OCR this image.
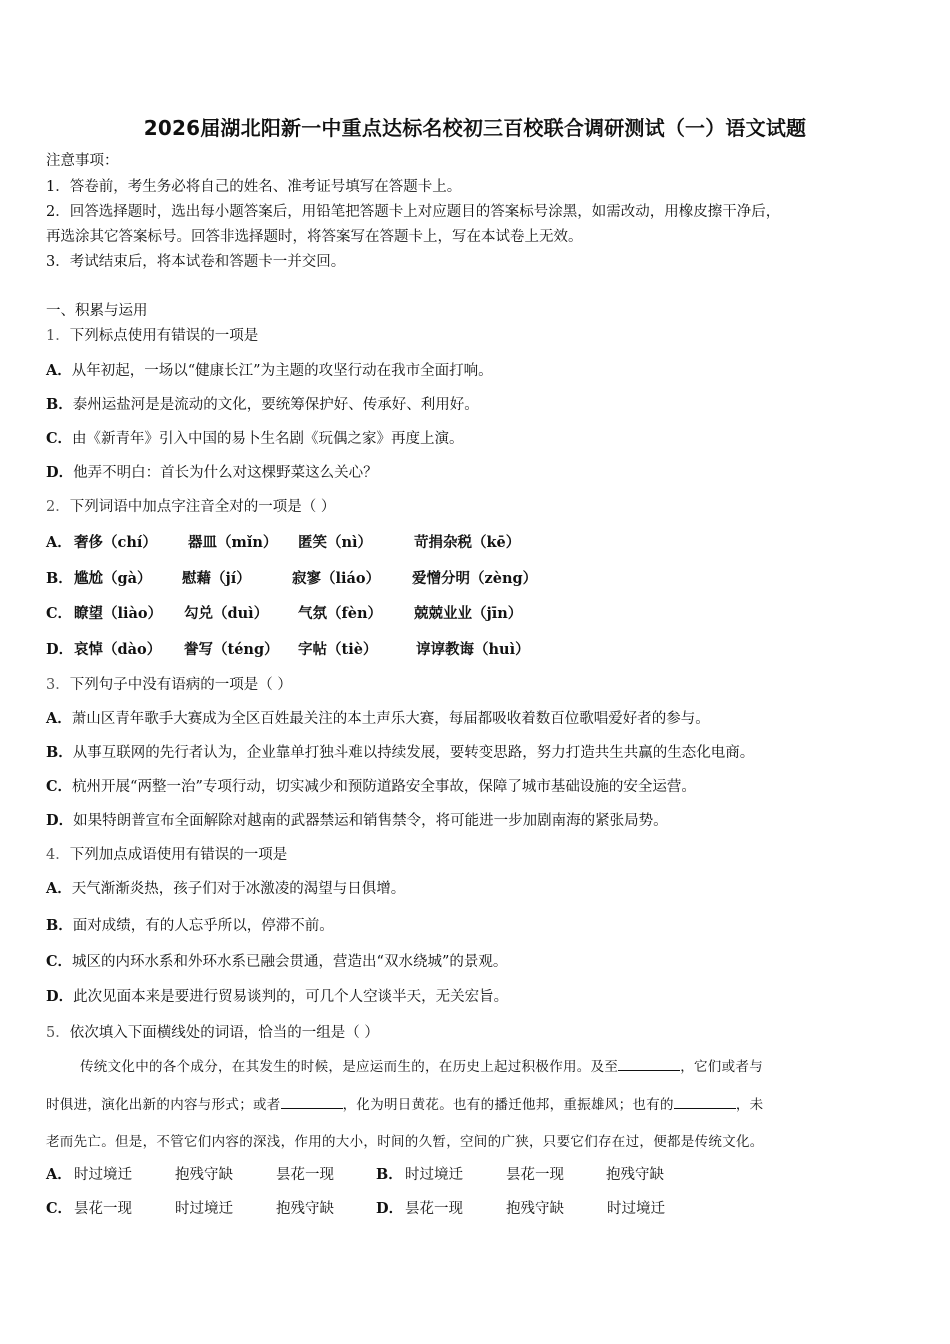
2026届湖北阳新一中重点达标名校初三百校联合调研测试（一）语文试题
注意事项：
1．答卷前，考生务必将自己的姓名、准考证号填写在答题卡上。
2．回答选择题时，选出每小题答案后，用铅笔把答题卡上对应题目的答案标号涂黑，如需改动，用橡皮擦干净后，
再选涂其它答案标号。回答非选择题时，将答案写在答题卡上，写在本试卷上无效。
3．考试结束后，将本试卷和答题卡一并交回。
一、积累与运用
1．下列标点使用有错误的一项是
A．从年初起，一场以“健康长江”为主题的攻坚行动在我市全面打响。
B．泰州运盐河是是流动的文化，要统筹保护好、传承好、利用好。
C．由《新青年》引入中国的易卜生名剧《玩偶之家》再度上演。
D．他弄不明白：首长为什么对这棵野菜这么关心？
2．下列词语中加点字注音全对的一项是（ ）
A． 奢侈（chí） 器皿（mǐn） 匿笑（nì）	苛捐杂税（kē）
B． 尴尬（gà） 慰藉（jí）	寂寥（liáo） 爱憎分明（zèng）
C． 瞭望（liào） 勾兑（duì） 气氛（fèn） 兢兢业业（jīn）
D． 哀悼（dào） 誊写（téng） 字帖（tiè）	谆谆教诲（huì）
3．下列句子中没有语病的一项是（ ）
A．萧山区青年歌手大赛成为全区百姓最关注的本土声乐大赛，每届都吸收着数百位歌唱爱好者的参与。
B．从事互联网的先行者认为，企业靠单打独斗难以持续发展，要转变思路，努力打造共生共赢的生态化电商。
C．杭州开展“两整一治”专项行动，切实减少和预防道路安全事故，保障了城市基础设施的安全运营。
D．如果特朗普宣布全面解除对越南的武器禁运和销售禁令，将可能进一步加剧南海的紧张局势。
4．下列加点成语使用有错误的一项是
A．天气渐渐炎热，孩子们对于冰激凌的渴望与日俱增。
B．面对成绩，有的人忘乎所以，停滞不前。
C．城区的内环水系和外环水系已融会贯通，营造出“双水绕城”的景观。
D．此次见面本来是要进行贸易谈判的，可几个人空谈半天，无关宏旨。
5．依次填入下面横线处的词语，恰当的一组是（ ）
传统文化中的各个成分，在其发生的时候，是应运而生的，在历史上起过积极作用。及至	，它们或者与
时俱进，演化出新的内容与形式；或者	，化为明日黄花。也有的播迁他邦，重振雄风；也有的	，未
老而先亡。但是，不管它们内容的深浅，作用的大小，时间的久暂，空间的广狭，只要它们存在过，便都是传统文化。
A． 时过境迁	抱残守缺	昙花一现	B． 时过境迁	昙花一现	抱残守缺
C． 昙花一现	时过境迁	抱残守缺	D． 昙花一现	抱残守缺	时过境迁
